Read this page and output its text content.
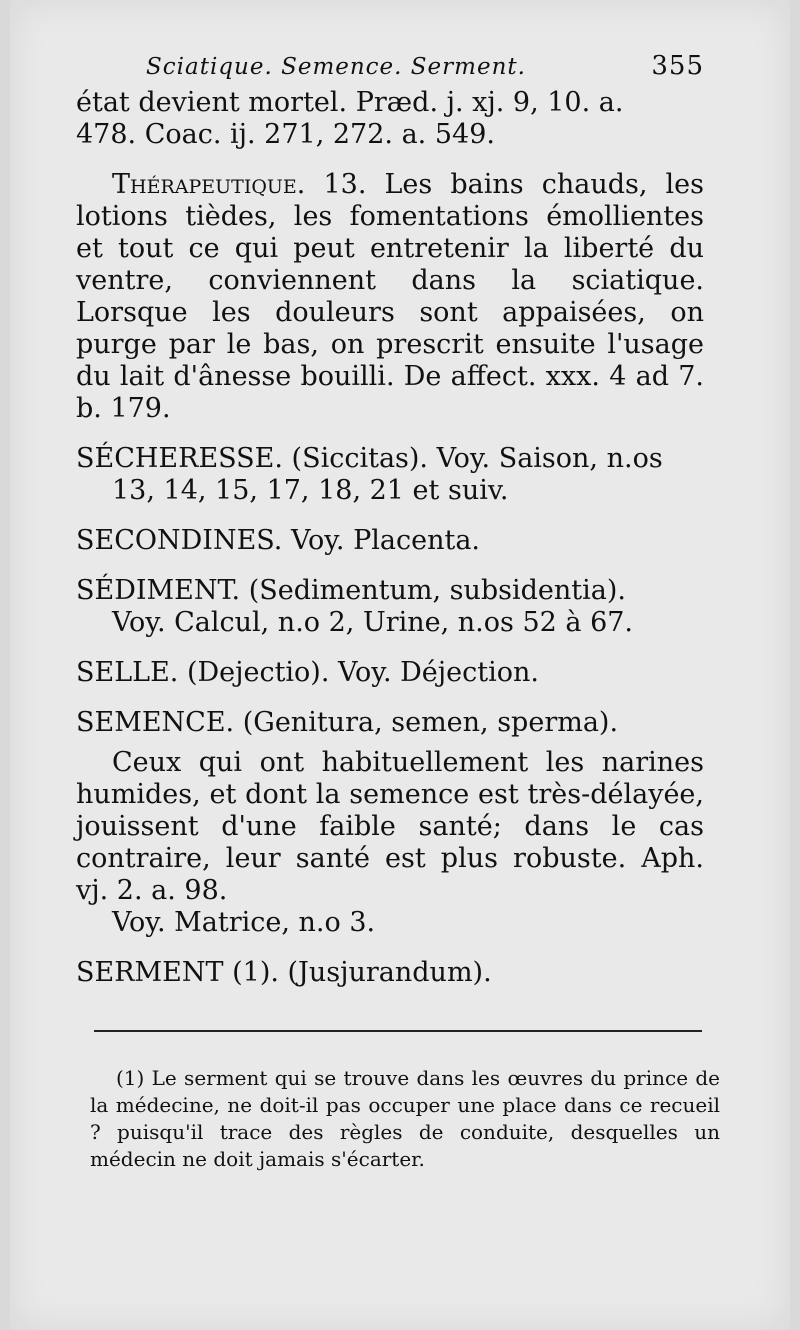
Sciatique. Semence. Serment.	355

état devient mortel. Præd. j. xj. 9, 10. a.

478. Coac. ij. 271, 272. a. 549.

Thérapeutique. 13. Les bains chauds, les lotions tièdes, les fomentations émollientes et tout ce qui peut entretenir la liberté du ventre, conviennent dans la sciatique. Lorsque les douleurs sont appaisées, on purge par le bas, on prescrit ensuite l'usage du lait d'ânesse bouilli. De affect. xxx. 4 ad 7. b. 179.

SÉCHERESSE. (Siccitas). Voy. Saison, n.os

13, 14, 15, 17, 18, 21 et suiv.

SECONDINES. Voy. Placenta.

SÉDIMENT. (Sedimentum, subsidentia).

Voy. Calcul, n.o 2, Urine, n.os 52 à 67.

SELLE. (Dejectio). Voy. Déjection.

SEMENCE. (Genitura, semen, sperma).

Ceux qui ont habituellement les narines humides, et dont la semence est très-délayée, jouissent d'une faible santé; dans le cas contraire, leur santé est plus robuste. Aph. vj. 2. a. 98.

Voy. Matrice, n.o 3.

SERMENT (1). (Jusjurandum).

(1) Le serment qui se trouve dans les œuvres du prince de la médecine, ne doit-il pas occuper une place dans ce recueil ? puisqu'il trace des règles de conduite, desquelles un médecin ne doit jamais s'écarter.
